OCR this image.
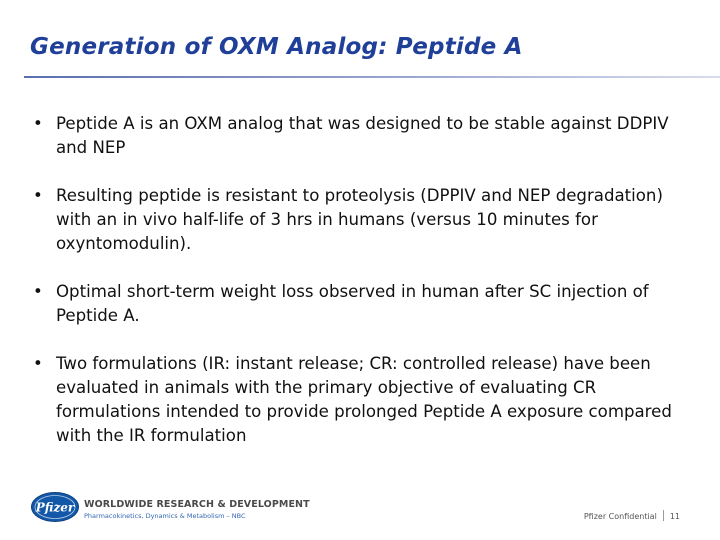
Generation of OXM Analog: Peptide A
• Peptide A is an OXM analog that was designed to be stable against DDPIV and NEP
• Resulting peptide is resistant to proteolysis (DPPIV and NEP degradation) with an in vivo half-life of 3 hrs in humans (versus 10 minutes for oxyntomodulin).
• Optimal short-term weight loss observed in human after SC injection of Peptide A.
• Two formulations (IR: instant release; CR: controlled release) have been evaluated in animals with the primary objective of evaluating CR formulations intended to provide prolonged Peptide A exposure compared with the IR formulation
Pfizer WORLDWIDE RESEARCH & DEVELOPMENT
Pharmacokinetics, Dynamics & Metabolism – NBC	Pfizer Confidential 11
